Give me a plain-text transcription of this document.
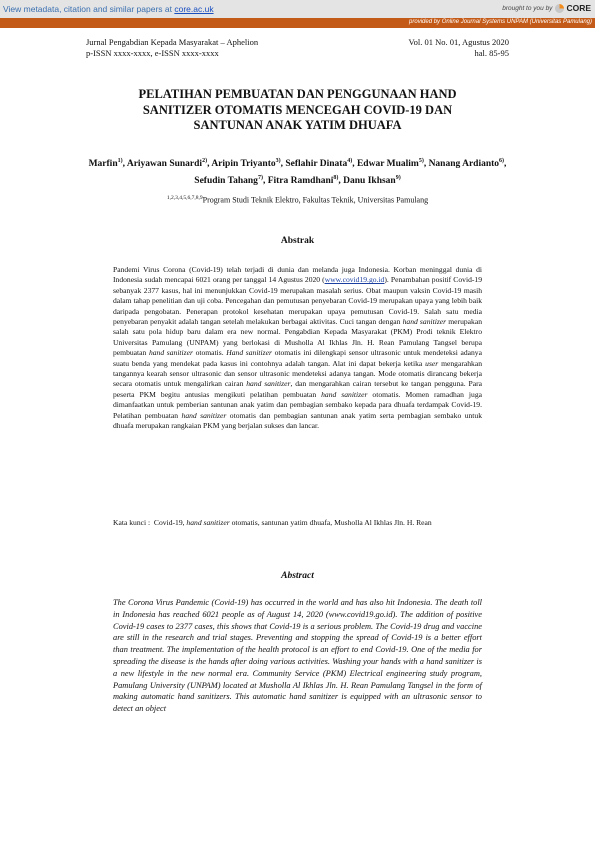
View metadata, citation and similar papers at core.ac.uk	brought to you by CORE
provided by Online Journal Systems UNPAM (Universitas Pamulang)
Jurnal Pengabdian Kepada Masyarakat – Aphelion	Vol. 01 No. 01, Agustus 2020
p-ISSN xxxx-xxxx, e-ISSN xxxx-xxxx	hal. 85-95
PELATIHAN PEMBUATAN DAN PENGGUNAAN HAND
SANITIZER OTOMATIS MENCEGAH COVID-19 DAN
SANTUNAN ANAK YATIM DHUAFA
Marfin$^{1)}$, Ariyawan Sunardi$^{2)}$, Aripin Triyanto$^{3)}$, Seflahir Dinata$^{4)}$, Edwar Mualim$^{5)}$, Nanang Ardianto$^{6)}$, Sefudin Tahang$^{7)}$, Fitra Ramdhani$^{8)}$, Danu Ikhsan$^{9)}$
$^{1,2,3,4,5,6,7,8,9}$Program Studi Teknik Elektro, Fakultas Teknik, Universitas Pamulang
Abstrak
Pandemi Virus Corona (Covid-19) telah terjadi di dunia dan melanda juga Indonesia. Korban meninggal dunia di Indonesia sudah mencapai 6021 orang per tanggal 14 Agustus 2020 (www.covid19.go.id). Penambahan positif Covid-19 sebanyak 2377 kasus, hal ini menunjukkan Covid-19 merupakan masalah serius. Obat maupun vaksin Covid-19 masih dalam tahap penelitian dan uji coba. Pencegahan dan pemutusan penyebaran Covid-19 merupakan upaya yang lebih baik daripada pengobatan. Penerapan protokol kesehatan merupakan upaya pemutusan Covid-19. Salah satu media penyebaran penyakit adalah tangan setelah melakukan berbagai aktivitas. Cuci tangan dengan hand sanitizer merupakan salah satu pola hidup baru dalam era new normal. Pengabdian Kepada Masyarakat (PKM) Prodi teknik Elektro Universitas Pamulang (UNPAM) yang berlokasi di Musholla Al Ikhlas Jln. H. Rean Pamulang Tangsel berupa pembuatan hand sanitizer otomatis. Hand sanitizer otomatis ini dilengkapi sensor ultrasonic untuk mendeteksi adanya suatu benda yang mendekat pada kasus ini contohnya adalah tangan. Alat ini dapat bekerja ketika user mengarahkan tangannya kearah sensor ultrasonic dan sensor ultrasonic mendeteksi adanya tangan. Mode otomatis dirancang bekerja secara otomatis untuk mengalirkan cairan hand sanitizer, dan mengarahkan cairan tersebut ke tangan pengguna. Para peserta PKM begitu antusias mengikuti pelatihan pembuatan hand sanitizer otomatis. Momen ramadhan juga dimanfaatkan untuk pemberian santunan anak yatim dan pembagian sembako kepada para dhuafa terdampak Covid-19. Pelatihan pembuatan hand sanitizer otomatis dan pembagian santunan anak yatim serta pembagian sembako untuk dhuafa merupakan rangkaian PKM yang berjalan sukses dan lancar.
Kata kunci : Covid-19, hand sanitizer otomatis, santunan yatim dhuafa, Musholla Al Ikhlas Jln. H. Rean
Abstract
The Corona Virus Pandemic (Covid-19) has occurred in the world and has also hit Indonesia. The death toll in Indonesia has reached 6021 people as of August 14, 2020 (www.covid19.go.id). The addition of positive Covid-19 cases to 2377 cases, this shows that Covid-19 is a serious problem. The Covid-19 drug and vaccine are still in the research and trial stages. Preventing and stopping the spread of Covid-19 is a better effort than treatment. The implementation of the health protocol is an effort to end Covid-19. One of the media for spreading the disease is the hands after doing various activities. Washing your hands with a hand sanitizer is a new lifestyle in the new normal era. Community Service (PKM) Electrical engineering study program, Pamulang University (UNPAM) located at Musholla Al Ikhlas Jln. H. Rean Pamulang Tangsel in the form of making automatic hand sanitizers. This automatic hand sanitizer is equipped with an ultrasonic sensor to detect an object
